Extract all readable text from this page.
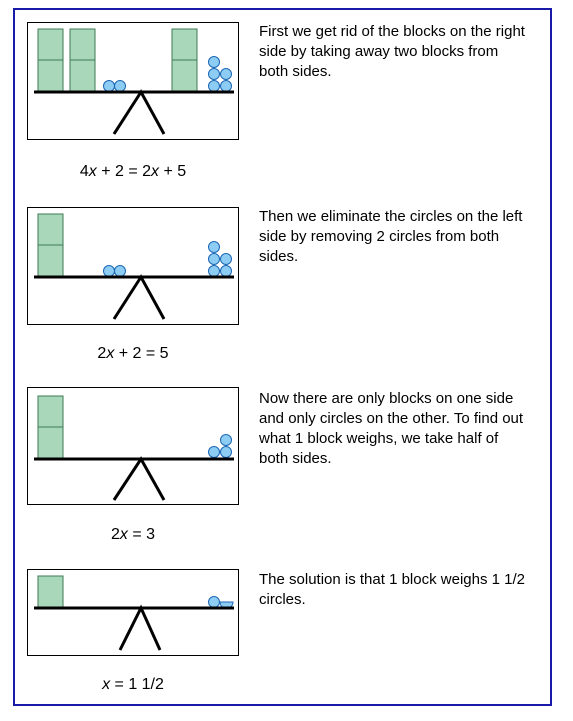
4x + 2 = 2x + 5
First we get rid of the blocks on the right side by taking away two blocks from both sides.
2x + 2 = 5
Then we eliminate the circles on the left side by removing 2 circles from both sides.
2x = 3
Now there are only blocks on one side and only circles on the other. To find out what 1 block weighs, we take half of both sides.
x = 1 1/2
The solution is that 1 block weighs 1 1/2 circles.
